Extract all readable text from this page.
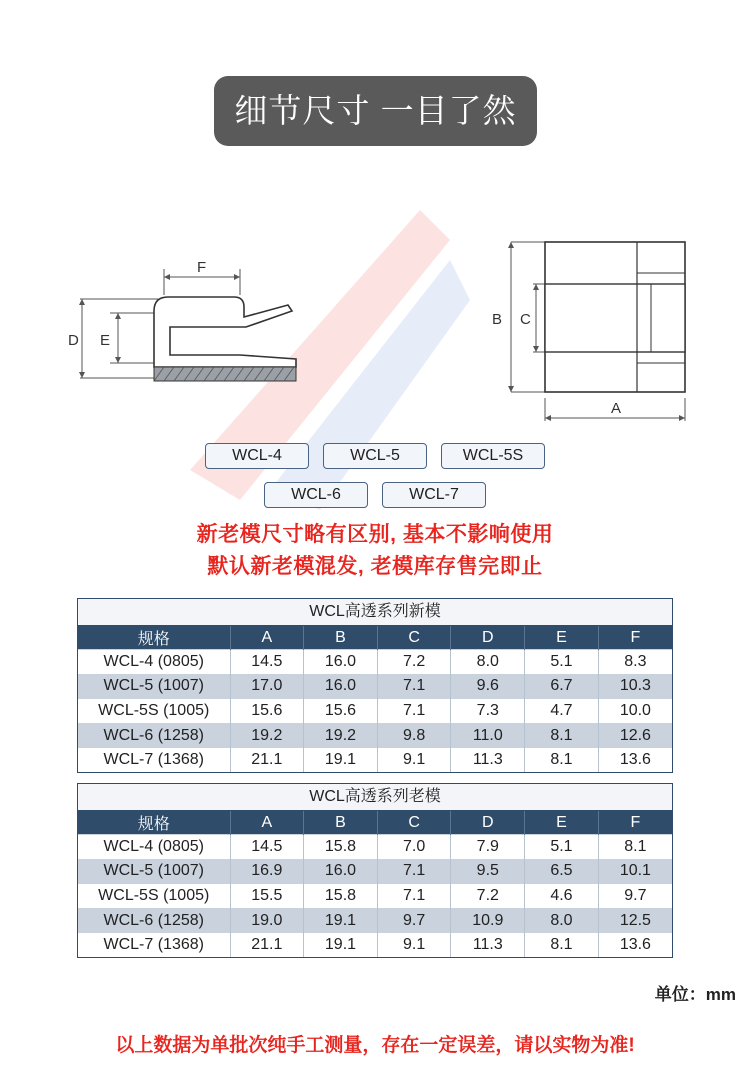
细节尺寸 一目了然
F
D E
B C
A
WCL-4	WCL-5	WCL-5S
WCL-6	WCL-7
新老模尺寸略有区别, 基本不影响使用
默认新老模混发, 老模库存售完即止
WCL高透系列新模
规格	A	B	C	D	E	F
WCL-4 (0805)	14.5	16.0	7.2	8.0	5.1	8.3
WCL-5 (1007)	17.0	16.0	7.1	9.6	6.7	10.3
WCL-5S (1005)	15.6	15.6	7.1	7.3	4.7	10.0
WCL-6 (1258)	19.2	19.2	9.8	11.0	8.1	12.6
WCL-7 (1368)	21.1	19.1	9.1	11.3	8.1	13.6
WCL高透系列老模
规格	A	B	C	D	E	F
WCL-4 (0805)	14.5	15.8	7.0	7.9	5.1	8.1
WCL-5 (1007)	16.9	16.0	7.1	9.5	6.5	10.1
WCL-5S (1005)	15.5	15.8	7.1	7.2	4.6	9.7
WCL-6 (1258)	19.0	19.1	9.7	10.9	8.0	12.5
WCL-7 (1368)	21.1	19.1	9.1	11.3	8.1	13.6
单位：mm
以上数据为单批次纯手工测量，存在一定误差，请以实物为准!
